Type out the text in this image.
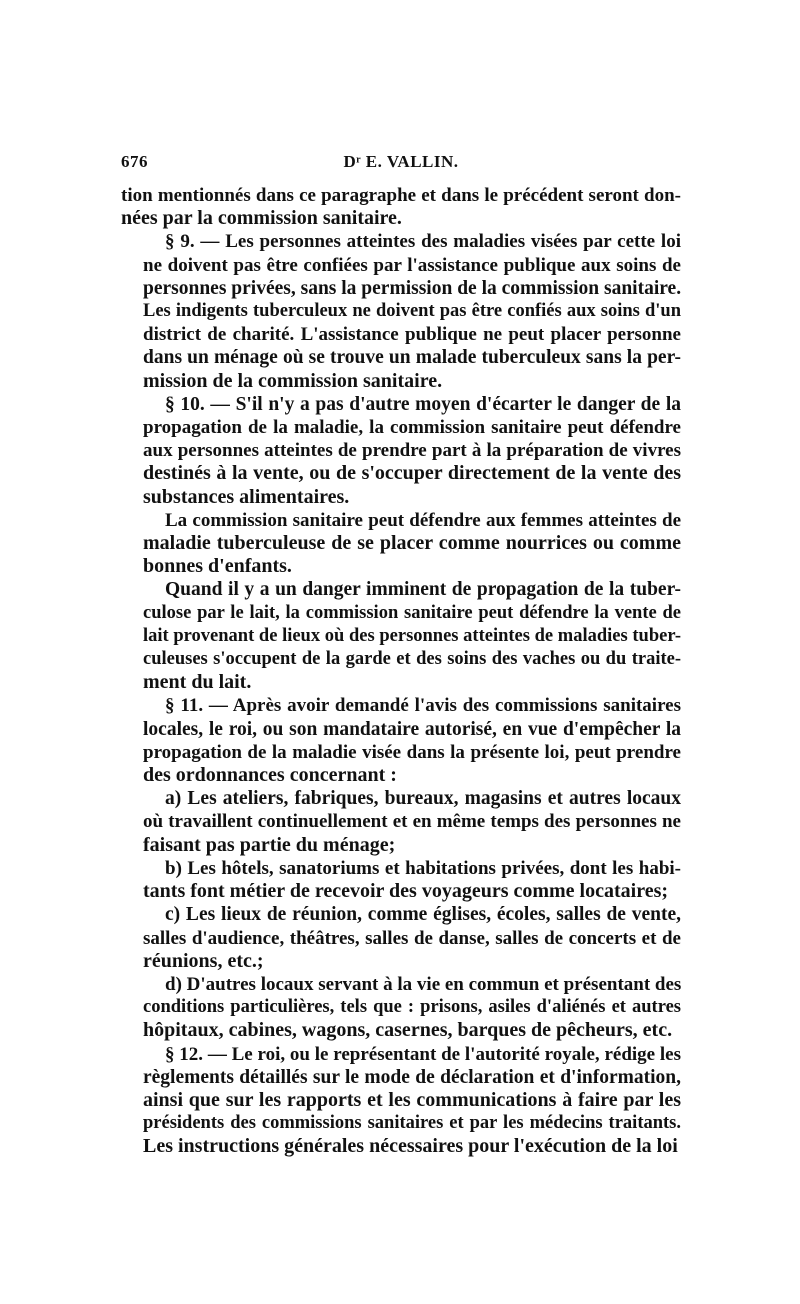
676	Dʳ E. VALLIN.
tion mentionnés dans ce paragraphe et dans le précédent seront don-
nées par la commission sanitaire.
§ 9. — Les personnes atteintes des maladies visées par cette loi
ne doivent pas être confiées par l'assistance publique aux soins de
personnes privées, sans la permission de la commission sanitaire.
Les indigents tuberculeux ne doivent pas être confiés aux soins d'un
district de charité. L'assistance publique ne peut placer personne
dans un ménage où se trouve un malade tuberculeux sans la per-
mission de la commission sanitaire.
§ 10. — S'il n'y a pas d'autre moyen d'écarter le danger de la
propagation de la maladie, la commission sanitaire peut défendre
aux personnes atteintes de prendre part à la préparation de vivres
destinés à la vente, ou de s'occuper directement de la vente des
substances alimentaires.
La commission sanitaire peut défendre aux femmes atteintes de
maladie tuberculeuse de se placer comme nourrices ou comme
bonnes d'enfants.
Quand il y a un danger imminent de propagation de la tuber-
culose par le lait, la commission sanitaire peut défendre la vente de
lait provenant de lieux où des personnes atteintes de maladies tuber-
culeuses s'occupent de la garde et des soins des vaches ou du traite-
ment du lait.
§ 11. — Après avoir demandé l'avis des commissions sanitaires
locales, le roi, ou son mandataire autorisé, en vue d'empêcher la
propagation de la maladie visée dans la présente loi, peut prendre
des ordonnances concernant :
a) Les ateliers, fabriques, bureaux, magasins et autres locaux
où travaillent continuellement et en même temps des personnes ne
faisant pas partie du ménage;
b) Les hôtels, sanatoriums et habitations privées, dont les habi-
tants font métier de recevoir des voyageurs comme locataires;
c) Les lieux de réunion, comme églises, écoles, salles de vente,
salles d'audience, théâtres, salles de danse, salles de concerts et de
réunions, etc.;
d) D'autres locaux servant à la vie en commun et présentant des
conditions particulières, tels que : prisons, asiles d'aliénés et autres
hôpitaux, cabines, wagons, casernes, barques de pêcheurs, etc.
§ 12. — Le roi, ou le représentant de l'autorité royale, rédige les
règlements détaillés sur le mode de déclaration et d'information,
ainsi que sur les rapports et les communications à faire par les
présidents des commissions sanitaires et par les médecins traitants.
Les instructions générales nécessaires pour l'exécution de la loi
